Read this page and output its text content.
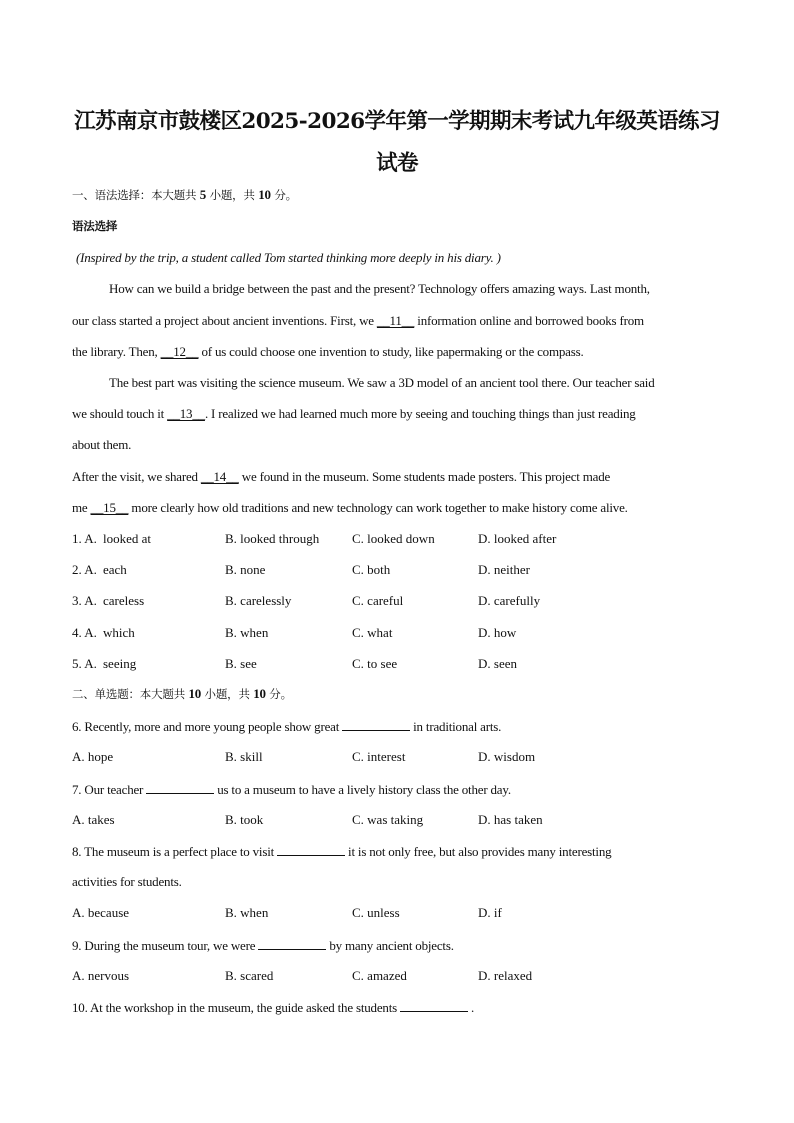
江苏南京市鼓楼区2025-2026学年第一学期期末考试九年级英语练习
试卷
一、语法选择：本大题共 5 小题，共 10 分。
语法选择
(Inspired by the trip, a student called Tom started thinking more deeply in his diary. )
How can we build a bridge between the past and the present? Technology offers amazing ways. Last month,
our class started a project about ancient inventions. First, we __11__ information online and borrowed books from
the library. Then, __12__ of us could choose one invention to study, like papermaking or the compass.
The best part was visiting the science museum. We saw a 3D model of an ancient tool there. Our teacher said
we should touch it __13__. I realized we had learned much more by seeing and touching things than just reading
about them.
After the visit, we shared __14__ we found in the museum. Some students made posters. This project made
me __15__ more clearly how old traditions and new technology can work together to make history come alive.
1. A. looked at	B. looked through	C. looked down	D. looked after
2. A. each	B. none	C. both	D. neither
3. A. careless	B. carelessly	C. careful	D. carefully
4. A. which	B. when	C. what	D. how
5. A. seeing	B. see	C. to see	D. seen
二、单选题：本大题共 10 小题，共 10 分。
6. Recently, more and more young people show great	in traditional arts.
A. hope	B. skill	C. interest	D. wisdom
7. Our teacher	us to a museum to have a lively history class the other day.
A. takes	B. took	C. was taking	D. has taken
8. The museum is a perfect place to visit	it is not only free, but also provides many interesting
activities for students.
A. because	B. when	C. unless	D. if
9. During the museum tour, we were	by many ancient objects.
A. nervous	B. scared	C. amazed	D. relaxed
10. At the workshop in the museum, the guide asked the students	.
